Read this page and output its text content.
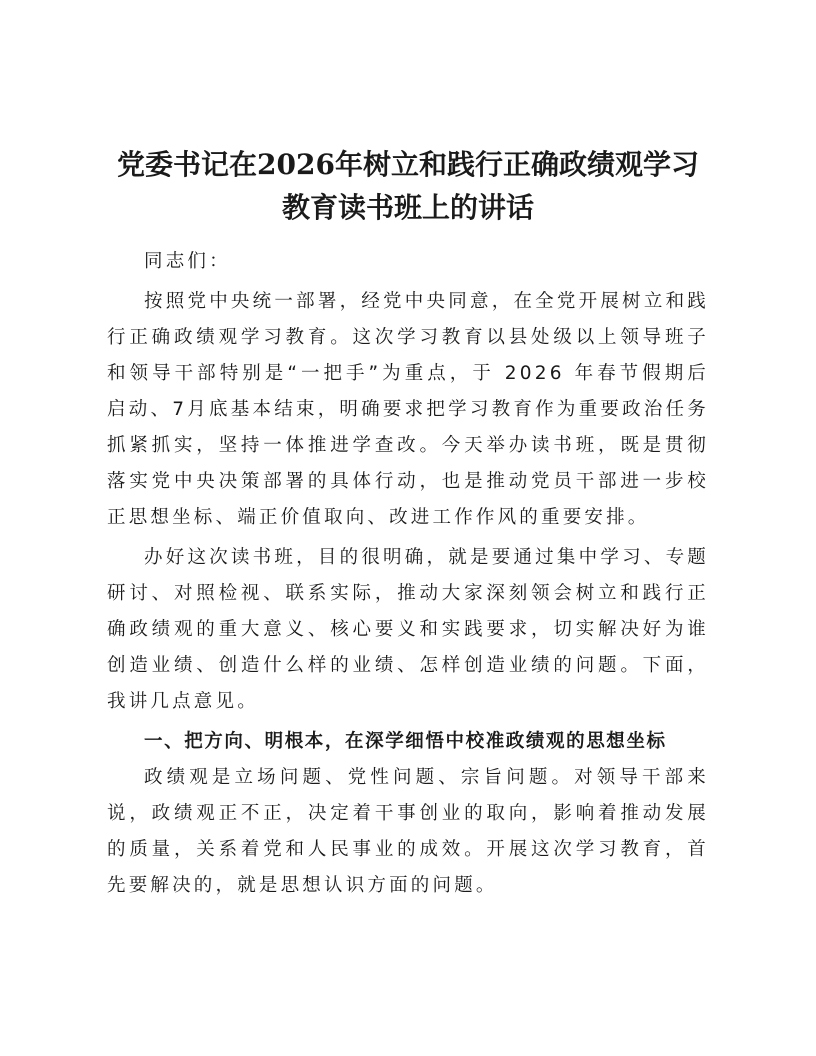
党委书记在2026年树立和践行正确政绩观学习
教育读书班上的讲话

同志们：

按照党中央统一部署，经党中央同意，在全党开展树立和践行正确政绩观学习教育。这次学习教育以县处级以上领导班子和领导干部特别是“一把手”为重点，于 2026 年春节假期后启动、7月底基本结束，明确要求把学习教育作为重要政治任务抓紧抓实，坚持一体推进学查改。今天举办读书班，既是贯彻落实党中央决策部署的具体行动，也是推动党员干部进一步校正思想坐标、端正价值取向、改进工作作风的重要安排。

办好这次读书班，目的很明确，就是要通过集中学习、专题研讨、对照检视、联系实际，推动大家深刻领会树立和践行正确政绩观的重大意义、核心要义和实践要求，切实解决好为谁创造业绩、创造什么样的业绩、怎样创造业绩的问题。下面，我讲几点意见。

一、把方向、明根本，在深学细悟中校准政绩观的思想坐标

政绩观是立场问题、党性问题、宗旨问题。对领导干部来说，政绩观正不正，决定着干事创业的取向，影响着推动发展的质量，关系着党和人民事业的成效。开展这次学习教育，首先要解决的，就是思想认识方面的问题。
